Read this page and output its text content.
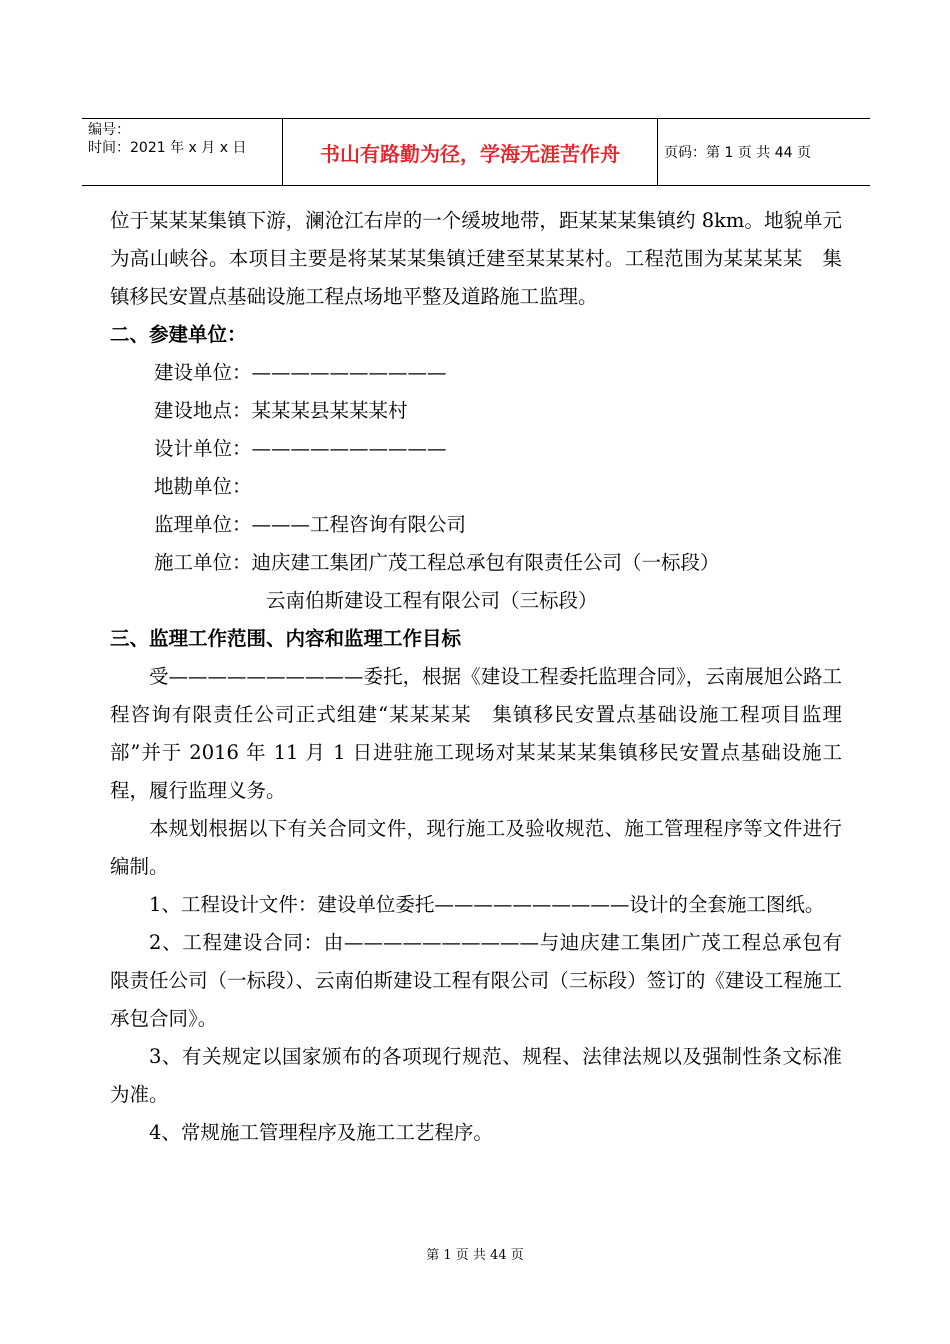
编号：
时间：2021 年 x 月 x 日	书山有路勤为径，学海无涯苦作舟	页码：第 1 页 共 44 页

位于某某某集镇下游，澜沧江右岸的一个缓坡地带，距某某某集镇约 8km。地貌单元为高山峡谷。本项目主要是将某某某集镇迁建至某某某村。工程范围为某某某某　集镇移民安置点基础设施工程点场地平整及道路施工监理。

二、参建单位：

建设单位：——————————
建设地点：某某某县某某某村
设计单位：——————————
地勘单位：
监理单位：———工程咨询有限公司
施工单位：迪庆建工集团广茂工程总承包有限责任公司（一标段）
云南伯斯建设工程有限公司（三标段）

三、监理工作范围、内容和监理工作目标

受——————————委托，根据《建设工程委托监理合同》，云南展旭公路工程咨询有限责任公司正式组建“某某某某　集镇移民安置点基础设施工程项目监理部”并于 2016 年 11 月 1 日进驻施工现场对某某某某集镇移民安置点基础设施工程，履行监理义务。

本规划根据以下有关合同文件，现行施工及验收规范、施工管理程序等文件进行编制。

1、工程设计文件：建设单位委托——————————设计的全套施工图纸。

2、工程建设合同：由——————————与迪庆建工集团广茂工程总承包有限责任公司（一标段）、云南伯斯建设工程有限公司（三标段）签订的《建设工程施工承包合同》。

3、有关规定以国家颁布的各项现行规范、规程、法律法规以及强制性条文标准为准。

4、常规施工管理程序及施工工艺程序。

第 1 页 共 44 页
